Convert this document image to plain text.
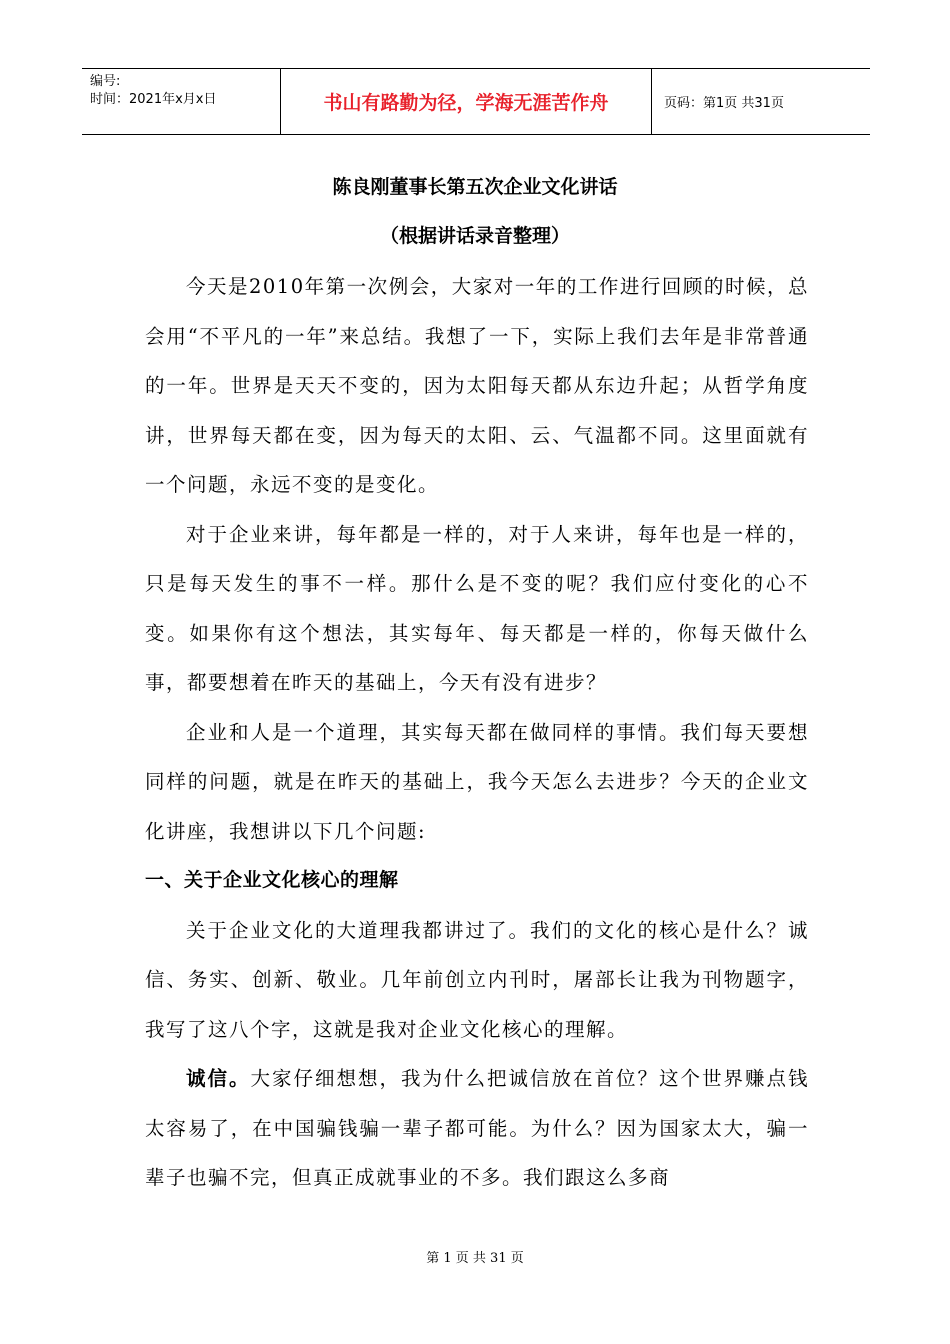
编号:
时间：2021年x月x日	书山有路勤为径，学海无涯苦作舟	页码：第1页 共31页
陈良刚董事长第五次企业文化讲话
（根据讲话录音整理）

今天是2010年第一次例会，大家对一年的工作进行回顾的时候，总会用“不平凡的一年”来总结。我想了一下，实际上我们去年是非常普通的一年。世界是天天不变的，因为太阳每天都从东边升起；从哲学角度讲，世界每天都在变，因为每天的太阳、云、气温都不同。这里面就有一个问题，永远不变的是变化。

对于企业来讲，每年都是一样的，对于人来讲，每年也是一样的，只是每天发生的事不一样。那什么是不变的呢？我们应付变化的心不变。如果你有这个想法，其实每年、每天都是一样的，你每天做什么事，都要想着在昨天的基础上，今天有没有进步？

企业和人是一个道理，其实每天都在做同样的事情。我们每天要想同样的问题，就是在昨天的基础上，我今天怎么去进步？今天的企业文化讲座，我想讲以下几个问题:

一、关于企业文化核心的理解

关于企业文化的大道理我都讲过了。我们的文化的核心是什么？诚信、务实、创新、敬业。几年前创立内刊时，屠部长让我为刊物题字，我写了这八个字，这就是我对企业文化核心的理解。

诚信。大家仔细想想，我为什么把诚信放在首位？这个世界赚点钱太容易了，在中国骗钱骗一辈子都可能。为什么？因为国家太大，骗一辈子也骗不完，但真正成就事业的不多。我们跟这么多商

第 1 页 共 31 页
